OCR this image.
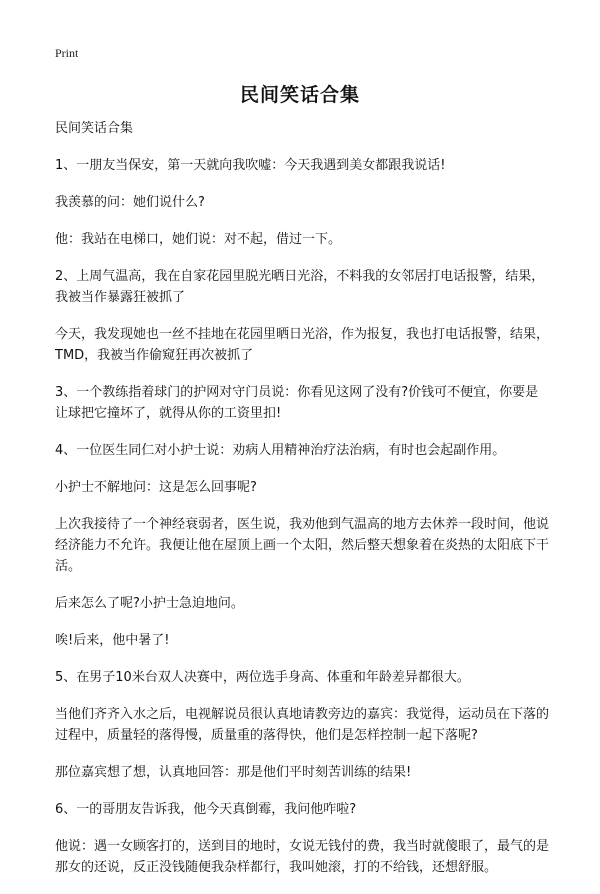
Print
民间笑话合集

民间笑话合集

1、一朋友当保安，第一天就向我吹嘘：今天我遇到美女都跟我说话!

我羡慕的问：她们说什么?

他：我站在电梯口，她们说：对不起，借过一下。

2、上周气温高，我在自家花园里脱光晒日光浴，不料我的女邻居打电话报警，结果，我被当作暴露狂被抓了

今天，我发现她也一丝不挂地在花园里晒日光浴，作为报复，我也打电话报警，结果，TMD，我被当作偷窥狂再次被抓了

3、一个教练指着球门的护网对守门员说：你看见这网了没有?价钱可不便宜，你要是让球把它撞坏了，就得从你的工资里扣!

4、一位医生同仁对小护士说：劝病人用精神治疗法治病，有时也会起副作用。

小护士不解地问：这是怎么回事呢?

上次我接待了一个神经衰弱者，医生说，我劝他到气温高的地方去休养一段时间，他说经济能力不允许。我便让他在屋顶上画一个太阳，然后整天想象着在炎热的太阳底下干活。

后来怎么了呢?小护士急迫地问。

唉!后来，他中暑了!

5、在男子10米台双人决赛中，两位选手身高、体重和年龄差异都很大。

当他们齐齐入水之后，电视解说员很认真地请教旁边的嘉宾：我觉得，运动员在下落的过程中，质量轻的落得慢，质量重的落得快，他们是怎样控制一起下落呢?

那位嘉宾想了想，认真地回答：那是他们平时刻苦训练的结果!

6、一的哥朋友告诉我，他今天真倒霉，我问他咋啦?

他说：遇一女顾客打的，送到目的地时，女说无钱付的费，我当时就傻眼了，最气的是那女的还说，反正没钱随便我杂样都行，我叫她滚，打的不给钱，还想舒服。
